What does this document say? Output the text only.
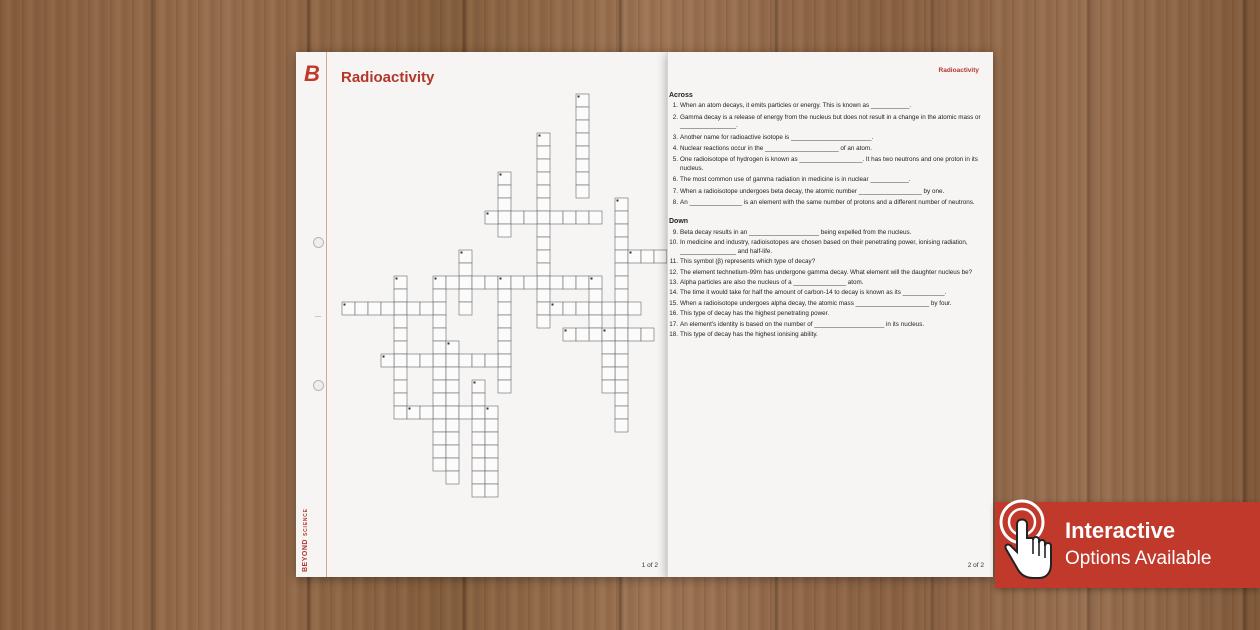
B Radioactivity
BEYONDSCIENCE
1 of 2
Radioactivity
Across
1. When an atom decays, it emits particles or energy. This is known as ___________.
2. Gamma decay is a release of energy from the nucleus but does not result in a change in the atomic mass or ________________.
3. Another name for radioactive isotope is _______________________.
4. Nuclear reactions occur in the _____________________ of an atom.
5. One radioisotope of hydrogen is known as __________________. It has two neutrons and one proton in its nucleus.
6. The most common use of gamma radiation in medicine is in nuclear ___________.
7. When a radioisotope undergoes beta decay, the atomic number __________________ by one.
8. An _______________ is an element with the same number of protons and a different number of neutrons.
Down
9. Beta decay results in an ____________________ being expelled from the nucleus.
10. In medicine and industry, radioisotopes are chosen based on their penetrating power, ionising radiation, ________________ and half-life.
11. This symbol (β) represents which type of decay?
12. The element technetium-99m has undergone gamma decay. What element will the daughter nucleus be?
13. Alpha particles are also the nucleus of a _______________ atom.
14. The time it would take for half the amount of carbon-14 to decay is known as its ____________.
15. When a radioisotope undergoes alpha decay, the atomic mass _____________________ by four.
16. This type of decay has the highest penetrating power.
17. An element's identity is based on the number of ____________________ in its nucleus.
18. This type of decay has the highest ionising ability.
2 of 2
Interactive
Options Available
